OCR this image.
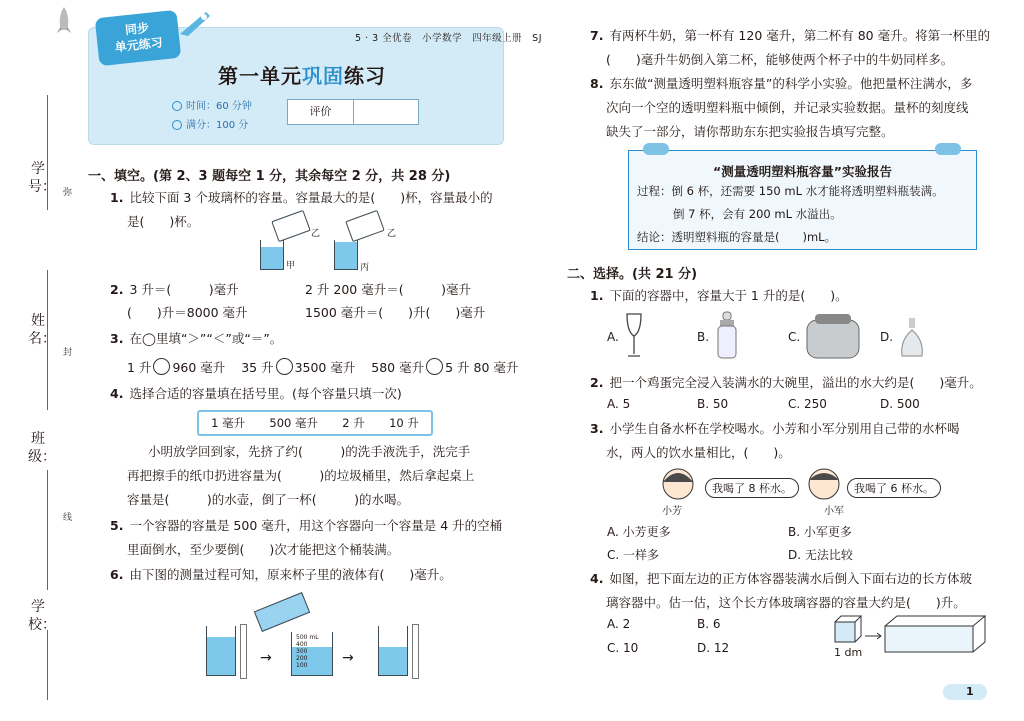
学号：
姓名：
班级：
学校：
弥
封
线
同步
单元练习	5 · 3 全优卷　小学数学　四年级上册　SJ
第一单元巩固练习
时间：60 分钟
满分：100 分
评价
一、填空。(第 2、3 题每空 1 分，其余每空 2 分，共 28 分)
1. 比较下面 3 个玻璃杯的容量。容量最大的是(　　)杯，容量最小的
是(　　)杯。
甲
乙
丙
乙
2. 3 升＝(　　　)毫升	2 升 200 毫升＝(　　　)毫升
(　　)升＝8000 毫升	1500 毫升＝(　　)升(　　)毫升
3. 在◯里填“＞”“＜”或“＝”。
1 升 960 毫升 35 升 3500 毫升 580 毫升 5 升 80 毫升
4. 选择合适的容量填在括号里。(每个容量只填一次)
1 毫升 500 毫升 2 升 10 升
小明放学回到家，先挤了约(　　　)的洗手液洗手，洗完手
再把擦手的纸巾扔进容量为(　　　)的垃圾桶里，然后拿起桌上
容量是(　　　)的水壶，倒了一杯(　　　)的水喝。
5. 一个容器的容量是 500 毫升，用这个容器向一个容量是 4 升的空桶
里面倒水，至少要倒(　　)次才能把这个桶装满。
6. 由下图的测量过程可知，原来杯子里的液体有(　　)毫升。
→
500 mL
400
300
200
100	→
7. 有两杯牛奶，第一杯有 120 毫升，第二杯有 80 毫升。将第一杯里的
(　　)毫升牛奶倒入第二杯，能够使两个杯子中的牛奶同样多。
8. 东东做“测量透明塑料瓶容量”的科学小实验。他把量杯注满水，多
次向一个空的透明塑料瓶中倾倒，并记录实验数据。量杯的刻度线
缺失了一部分，请你帮助东东把实验报告填写完整。
“测量透明塑料瓶容量”实验报告
过程：倒 6 杯，还需要 150 mL 水才能将透明塑料瓶装满。
倒 7 杯，会有 200 mL 水溢出。
结论：透明塑料瓶的容量是(　　)mL。
二、选择。(共 21 分)
1. 下面的容器中，容量大于 1 升的是(　　)。
A.	B.	C.	D.
2. 把一个鸡蛋完全浸入装满水的大碗里，溢出的水大约是(　　)毫升。
A. 5	B. 50	C. 250	D. 500
3. 小学生自备水杯在学校喝水。小芳和小军分别用自己带的水杯喝
水，两人的饮水量相比，(　　)。
小芳
我喝了 8 杯水。
小军
我喝了 6 杯水。
A. 小芳更多	B. 小军更多
C. 一样多	D. 无法比较
4. 如图，把下面左边的正方体容器装满水后倒入下面右边的长方体玻
璃容器中。估一估，这个长方体玻璃容器的容量大约是(　　)升。
A. 2	B. 6
C. 10	D. 12	1 dm
1
